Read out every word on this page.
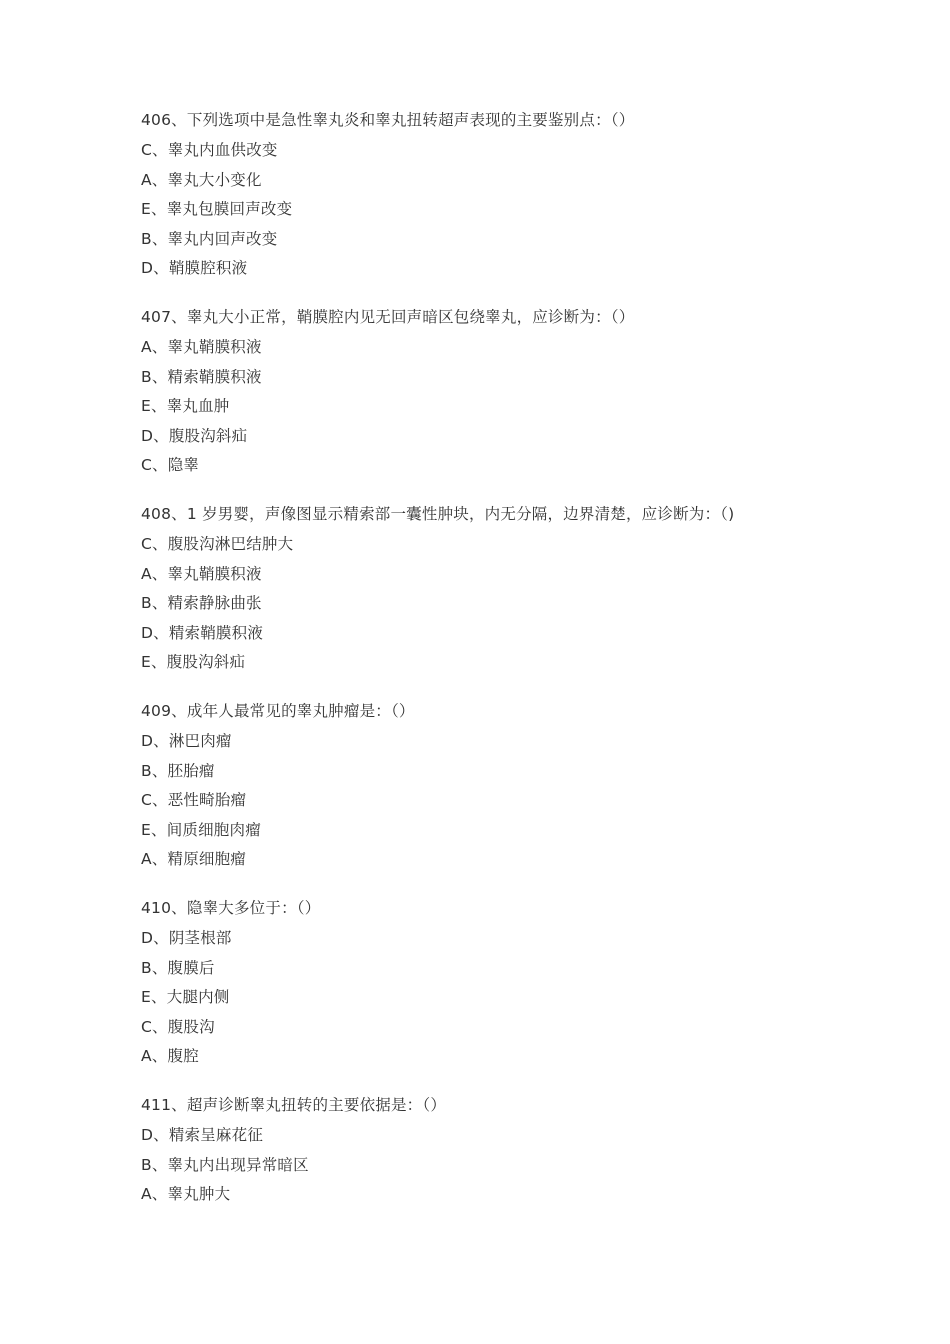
406、下列选项中是急性睾丸炎和睾丸扭转超声表现的主要鉴别点：（）
C、睾丸内血供改变
A、睾丸大小变化
E、睾丸包膜回声改变
B、睾丸内回声改变
D、鞘膜腔积液
407、睾丸大小正常，鞘膜腔内见无回声暗区包绕睾丸，应诊断为：（）
A、睾丸鞘膜积液
B、精索鞘膜积液
E、睾丸血肿
D、腹股沟斜疝
C、隐睾
408、1 岁男婴，声像图显示精索部一囊性肿块，内无分隔，边界清楚，应诊断为：（)
C、腹股沟淋巴结肿大
A、睾丸鞘膜积液
B、精索静脉曲张
D、精索鞘膜积液
E、腹股沟斜疝
409、成年人最常见的睾丸肿瘤是：（）
D、淋巴肉瘤
B、胚胎瘤
C、恶性畸胎瘤
E、间质细胞肉瘤
A、精原细胞瘤
410、隐睾大多位于：（）
D、阴茎根部
B、腹膜后
E、大腿内侧
C、腹股沟
A、腹腔
411、超声诊断睾丸扭转的主要依据是：（）
D、精索呈麻花征
B、睾丸内出现异常暗区
A、睾丸肿大
